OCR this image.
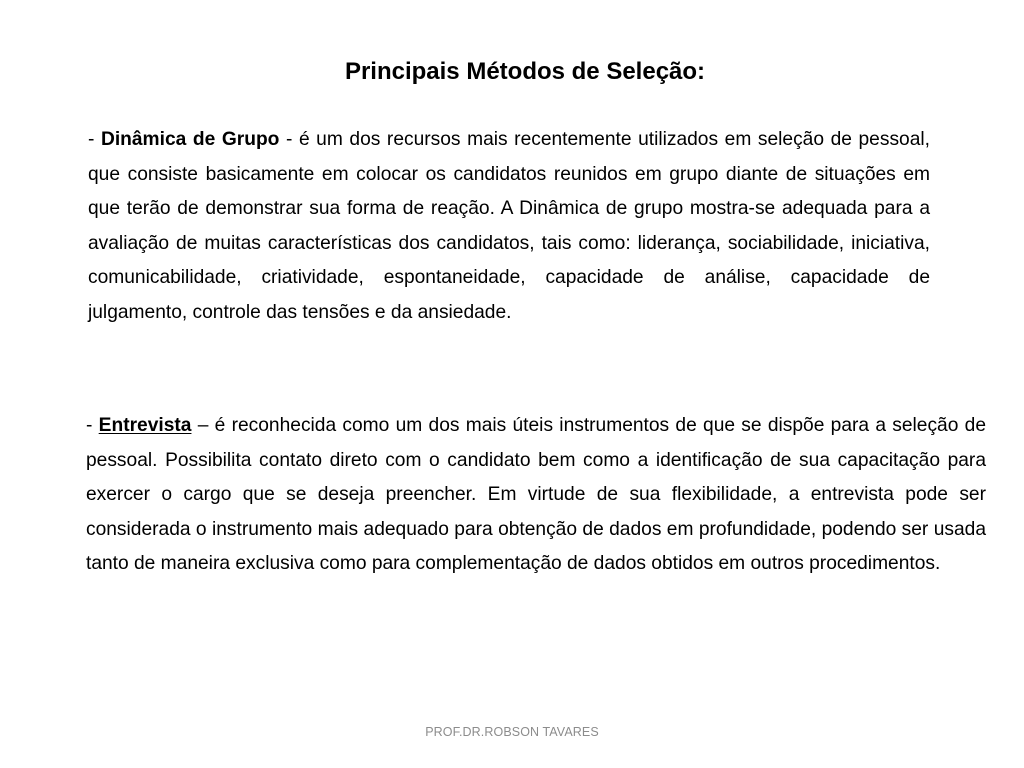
Principais Métodos de Seleção:

- Dinâmica de Grupo - é um dos recursos mais recentemente utilizados em seleção de pessoal, que consiste basicamente em colocar os candidatos reunidos em grupo diante de situações em que terão de demonstrar sua forma de reação. A Dinâmica de grupo mostra-se adequada para a avaliação de muitas características dos candidatos, tais como: liderança, sociabilidade, iniciativa, comunicabilidade, criatividade, espontaneidade, capacidade de análise, capacidade de julgamento, controle das tensões e da ansiedade.

- Entrevista – é reconhecida como um dos mais úteis instrumentos de que se dispõe para a seleção de pessoal. Possibilita contato direto com o candidato bem como a identificação de sua capacitação para exercer o cargo que se deseja preencher. Em virtude de sua flexibilidade, a entrevista pode ser considerada o instrumento mais adequado para obtenção de dados em profundidade, podendo ser usada tanto de maneira exclusiva como para complementação de dados obtidos em outros procedimentos.

PROF.DR.ROBSON TAVARES
